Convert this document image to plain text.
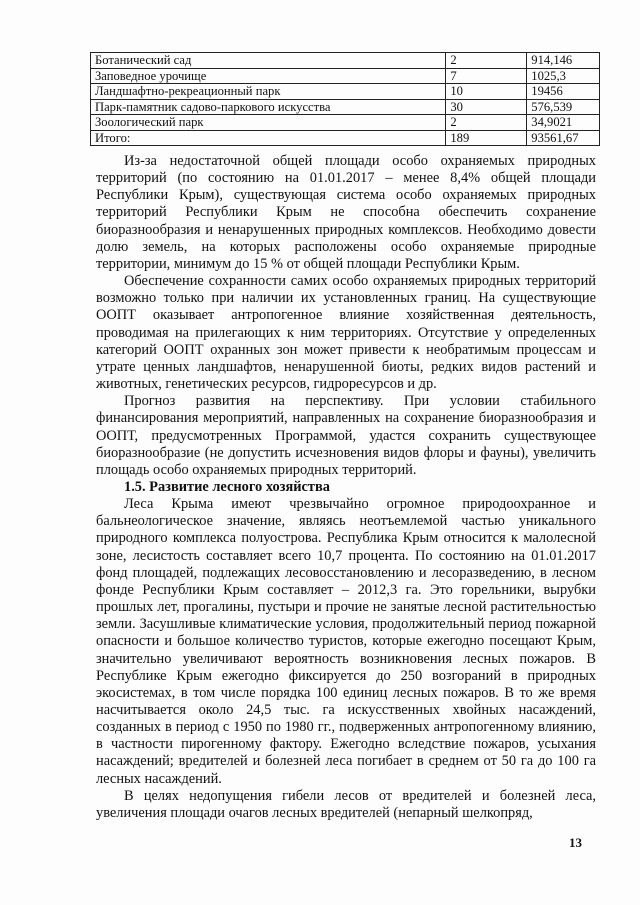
Ботанический сад	2	914,146
Заповедное урочище	7	1025,3
Ландшафтно-рекреационный парк	10	19456
Парк-памятник садово-паркового искусства	30	576,539
Зоологический парк	2	34,9021
Итого:	189	93561,67

Из-за недостаточной общей площади особо охраняемых природных территорий (по состоянию на 01.01.2017 – менее 8,4% общей площади Республики Крым), существующая система особо охраняемых природных территорий Республики Крым не способна обеспечить сохранение биоразнообразия и ненарушенных природных комплексов. Необходимо довести долю земель, на которых расположены особо охраняемые природные территории, минимум до 15 % от общей площади Республики Крым.

Обеспечение сохранности самих особо охраняемых природных территорий возможно только при наличии их установленных границ. На существующие ООПТ оказывает антропогенное влияние хозяйственная деятельность, проводимая на прилегающих к ним территориях. Отсутствие у определенных категорий ООПТ охранных зон может привести к необратимым процессам и утрате ценных ландшафтов, ненарушенной биоты, редких видов растений и животных, генетических ресурсов, гидроресурсов и др.

Прогноз развития на перспективу. При условии стабильного финансирования мероприятий, направленных на сохранение биоразнообразия и ООПТ, предусмотренных Программой, удастся сохранить существующее биоразнообразие (не допустить исчезновения видов флоры и фауны), увеличить площадь особо охраняемых природных территорий.

1.5. Развитие лесного хозяйства

Леса Крыма имеют чрезвычайно огромное природоохранное и бальнеологическое значение, являясь неотъемлемой частью уникального природного комплекса полуострова. Республика Крым относится к малолесной зоне, лесистость составляет всего 10,7 процента. По состоянию на 01.01.2017 фонд площадей, подлежащих лесовосстановлению и лесоразведению, в лесном фонде Республики Крым составляет – 2012,3 га. Это горельники, вырубки прошлых лет, прогалины, пустыри и прочие не занятые лесной растительностью земли. Засушливые климатические условия, продолжительный период пожарной опасности и большое количество туристов, которые ежегодно посещают Крым, значительно увеличивают вероятность возникновения лесных пожаров. В Республике Крым ежегодно фиксируется до 250 возгораний в природных экосистемах, в том числе порядка 100 единиц лесных пожаров. В то же время насчитывается около 24,5 тыс. га искусственных хвойных насаждений, созданных в период с 1950 по 1980 гг., подверженных антропогенному влиянию, в частности пирогенному фактору. Ежегодно вследствие пожаров, усыхания насаждений; вредителей и болезней леса погибает в среднем от 50 га до 100 га лесных насаждений.

В целях недопущения гибели лесов от вредителей и болезней леса, увеличения площади очагов лесных вредителей (непарный шелкопряд,

13
